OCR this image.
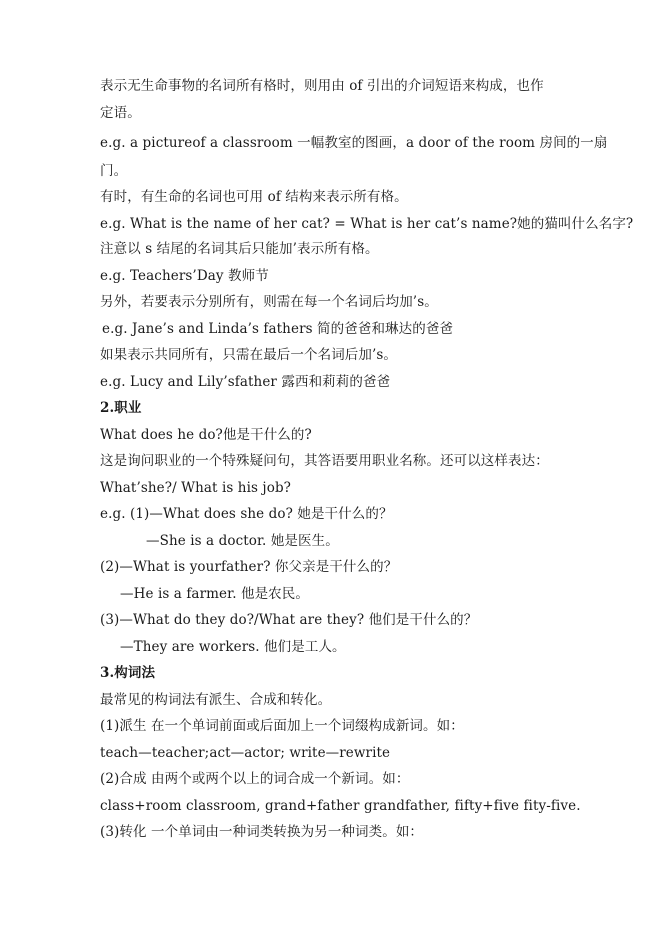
表示无生命事物的名词所有格时，则用由 of 引出的介词短语来构成，也作
定语。
e.g. a pictureof a classroom 一幅教室的图画，a door of the room 房间的一扇
门。
有时，有生命的名词也可用 of 结构来表示所有格。
e.g. What is the name of her cat? = What is her cat’s name?她的猫叫什么名字?
注意以 s 结尾的名词其后只能加’表示所有格。
e.g. Teachers’Day 教师节
另外，若要表示分别所有，则需在每一个名词后均加’s。
e.g. Jane’s and Linda’s fathers 简的爸爸和琳达的爸爸
如果表示共同所有，只需在最后一个名词后加’s。
e.g. Lucy and Lily’sfather 露西和莉莉的爸爸
2.职业
What does he do?他是干什么的?
这是询问职业的一个特殊疑问句，其答语要用职业名称。还可以这样表达：
What’she?/ What is his job?
e.g. (1)—What does she do? 她是干什么的？
—She is a doctor. 她是医生。
(2)—What is yourfather? 你父亲是干什么的？
—He is a farmer. 他是农民。
(3)—What do they do?/What are they? 他们是干什么的？
—They are workers. 他们是工人。
3.构词法
最常见的构词法有派生、合成和转化。
(1)派生 在一个单词前面或后面加上一个词缀构成新词。如：
teach—teacher;act—actor; write—rewrite
(2)合成 由两个或两个以上的词合成一个新词。如：
class+room classroom, grand+father grandfather, fifty+five fity-five.
(3)转化 一个单词由一种词类转换为另一种词类。如：
